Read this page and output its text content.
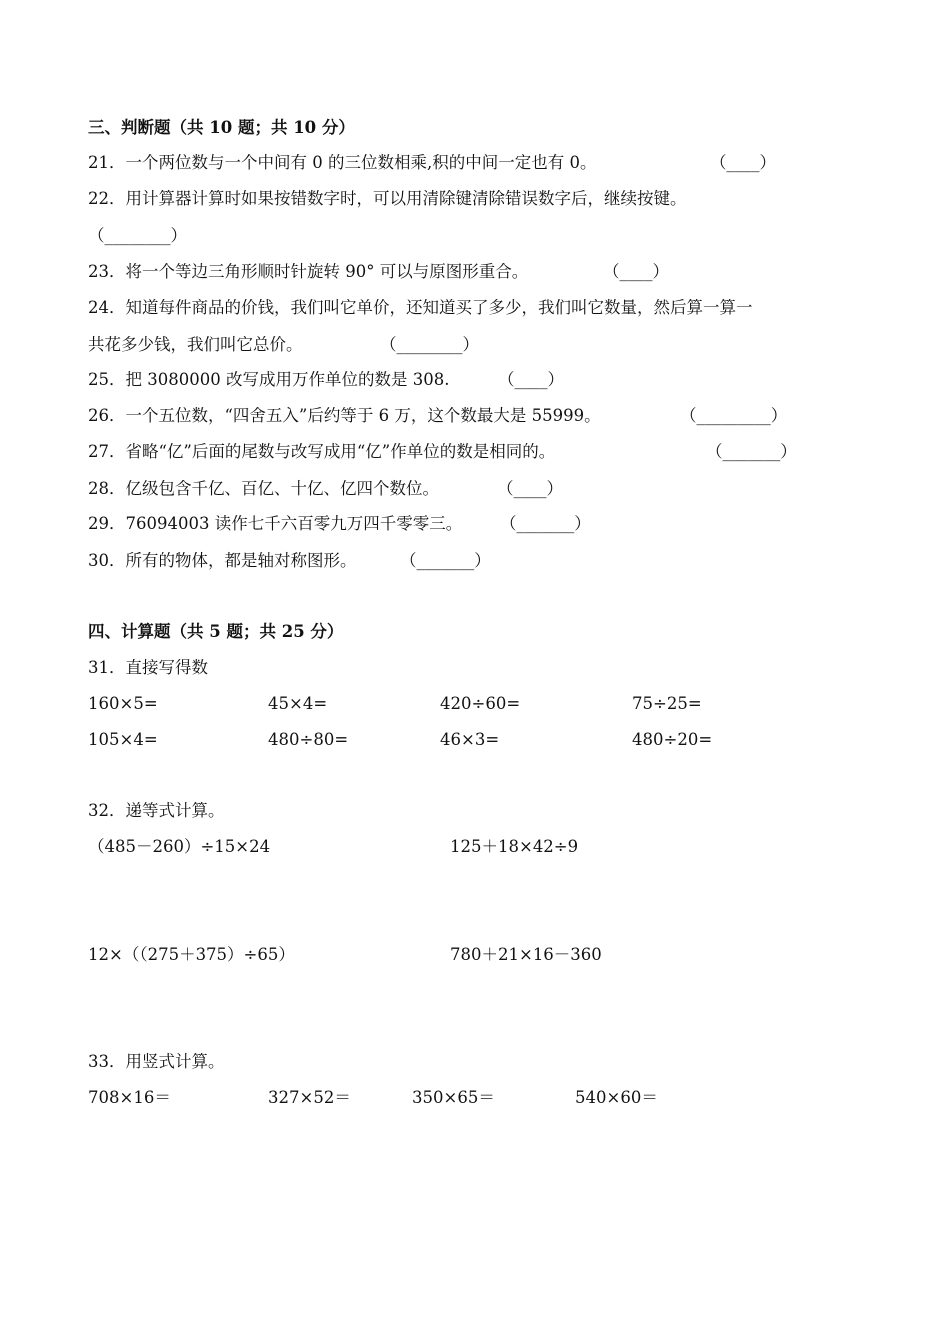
三、判断题（共 10 题；共 10 分）
21．一个两位数与一个中间有 0 的三位数相乘,积的中间一定也有 0。	（____）
22．用计算器计算时如果按错数字时，可以用清除键清除错误数字后，继续按键。
（________）
23．将一个等边三角形顺时针旋转 90° 可以与原图形重合。	（____）
24．知道每件商品的价钱，我们叫它单价，还知道买了多少，我们叫它数量，然后算一算一
共花多少钱，我们叫它总价。	（________）
25．把 3080000 改写成用万作单位的数是 308.	（____）
26．一个五位数，“四舍五入”后约等于 6 万，这个数最大是 55999。	（_________）
27．省略“亿”后面的尾数与改写成用“亿”作单位的数是相同的。	（_______）
28．亿级包含千亿、百亿、十亿、亿四个数位。	（____）
29．76094003 读作七千六百零九万四千零零三。 （_______）
30．所有的物体，都是轴对称图形。	（_______）
四、计算题（共 5 题；共 25 分）
31．直接写得数
160×5=	45×4=	420÷60=	75÷25=
105×4=	480÷80=	46×3=	480÷20=
32．递等式计算。
（485－260）÷15×24	125＋18×42÷9
12×（（275＋375）÷65）	780＋21×16－360
33．用竖式计算。
708×16＝	327×52＝	350×65＝	540×60＝
